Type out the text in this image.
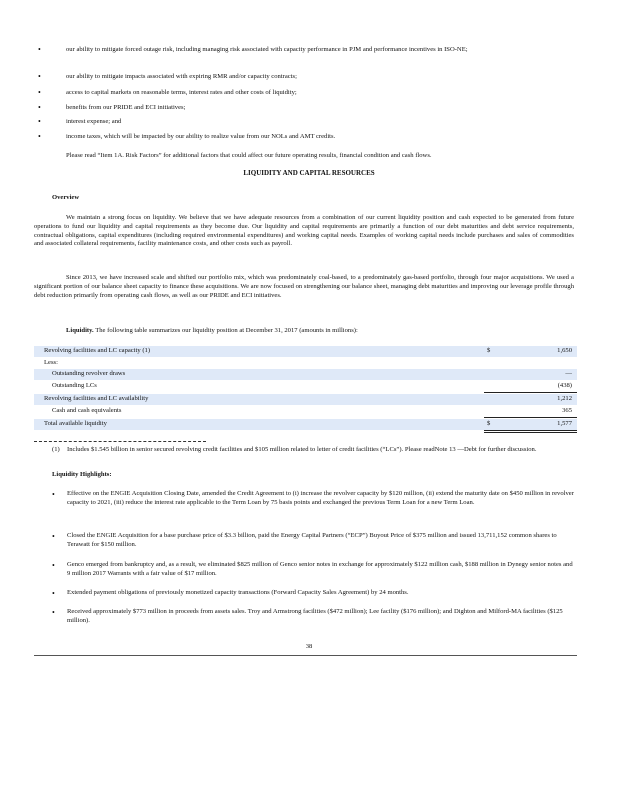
•	our ability to mitigate forced outage risk, including managing risk associated with capacity performance in PJM and performance incentives in ISO-NE;
•	our ability to mitigate impacts associated with expiring RMR and/or capacity contracts;
•	access to capital markets on reasonable terms, interest rates and other costs of liquidity;
•	benefits from our PRIDE and ECI initiatives;
•	interest expense; and
•	income taxes, which will be impacted by our ability to realize value from our NOLs and AMT credits.
Please read “Item 1A. Risk Factors” for additional factors that could affect our future operating results, financial condition and cash flows.
LIQUIDITY AND CAPITAL RESOURCES
Overview
We maintain a strong focus on liquidity. We believe that we have adequate resources from a combination of our current liquidity position and cash expected to be generated from future operations to fund our liquidity and capital requirements as they become due. Our liquidity and capital requirements are primarily a function of our debt maturities and debt service requirements, contractual obligations, capital expenditures (including required environmental expenditures) and working capital needs. Examples of working capital needs include purchases and sales of commodities and associated collateral requirements, facility maintenance costs, and other costs such as payroll.
Since 2013, we have increased scale and shifted our portfolio mix, which was predominately coal-based, to a predominately gas-based portfolio, through four major acquisitions. We used a significant portion of our balance sheet capacity to finance these acquisitions. We are now focused on strengthening our balance sheet, managing debt maturities and improving our leverage profile through debt reduction primarily from operating cash flows, as well as our PRIDE and ECI initiatives.
Liquidity. The following table summarizes our liquidity position at December 31, 2017 (amounts in millions):
Revolving facilities and LC capacity (1)	$	1,650
Less:
Outstanding revolver draws	—
Outstanding LCs	(438)
Revolving facilities and LC availability	1,212
Cash and cash equivalents	365
Total available liquidity	$	1,577
(1) Includes $1.545 billion in senior secured revolving credit facilities and $105 million related to letter of credit facilities (“LCs”). Please readNote 13 —Debt for further discussion.
Liquidity Highlights:
• Effective on the ENGIE Acquisition Closing Date, amended the Credit Agreement to (i) increase the revolver capacity by $120 million, (ii) extend the maturity date on $450 million in revolver capacity to 2021, (iii) reduce the interest rate applicable to the Term Loan by 75 basis points and exchanged the previous Term Loan for a new Term Loan.
• Closed the ENGIE Acquisition for a base purchase price of $3.3 billion, paid the Energy Capital Partners (“ECP”) Buyout Price of $375 million and issued 13,711,152 common shares to Terawatt for $150 million.
• Genco emerged from bankruptcy and, as a result, we eliminated $825 million of Genco senior notes in exchange for approximately $122 million cash, $188 million in Dynegy senior notes and 9 million 2017 Warrants with a fair value of $17 million.
• Extended payment obligations of previously monetized capacity transactions (Forward Capacity Sales Agreement) by 24 months.
• Received approximately $773 million in proceeds from assets sales. Troy and Armstrong facilities ($472 million); Lee facility ($176 million); and Dighton and Milford-MA facilities ($125 million).
38
